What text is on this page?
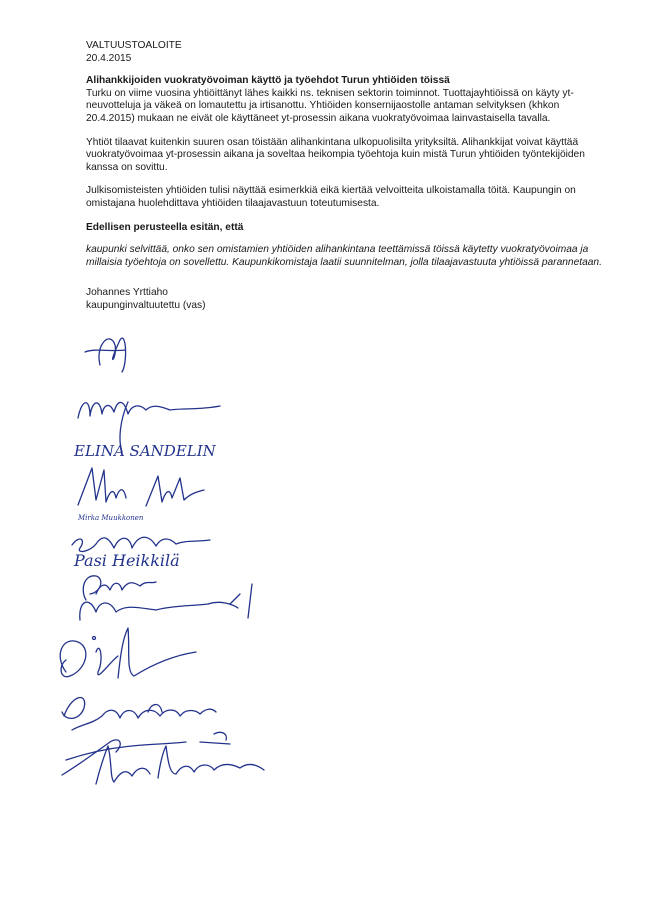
VALTUUSTOALOITE

20.4.2015

Alihankkijoiden vuokratyövoiman käyttö ja työehdot Turun yhtiöiden töissä

Turku on viime vuosina yhtiöittänyt lähes kaikki ns. teknisen sektorin toiminnot. Tuottajayhtiöissä on käyty yt-neuvotteluja ja väkeä on lomautettu ja irtisanottu. Yhtiöiden konsernijaostolle antaman selvityksen (khkon 20.4.2015) mukaan ne eivät ole käyttäneet yt-prosessin aikana vuokratyövoimaa lainvastaisella tavalla.

Yhtiöt tilaavat kuitenkin suuren osan töistään alihankintana ulkopuolisilta yrityksiltä. Alihankkijat voivat käyttää vuokratyövoimaa yt-prosessin aikana ja soveltaa heikompia työehtoja kuin mistä Turun yhtiöiden työntekijöiden kanssa on sovittu.

Julkisomisteisten yhtiöiden tulisi näyttää esimerkkiä eikä kiertää velvoitteita ulkoistamalla töitä. Kaupungin on omistajana huolehdittava yhtiöiden tilaajavastuun toteutumisesta.

Edellisen perusteella esitän, että

kaupunki selvittää, onko sen omistamien yhtiöiden alihankintana teettämissä töissä käytetty vuokratyövoimaa ja millaisia työehtoja on sovellettu. Kaupunkikomistaja laatii suunnitelman, jolla tilaajavastuuta yhtiöissä parannetaan.

Johannes Yrttiaho

kaupunginvaltuutettu (vas)

ELINA SANDELIN
Mirka Muukkonen
Pasi Heikkilä
